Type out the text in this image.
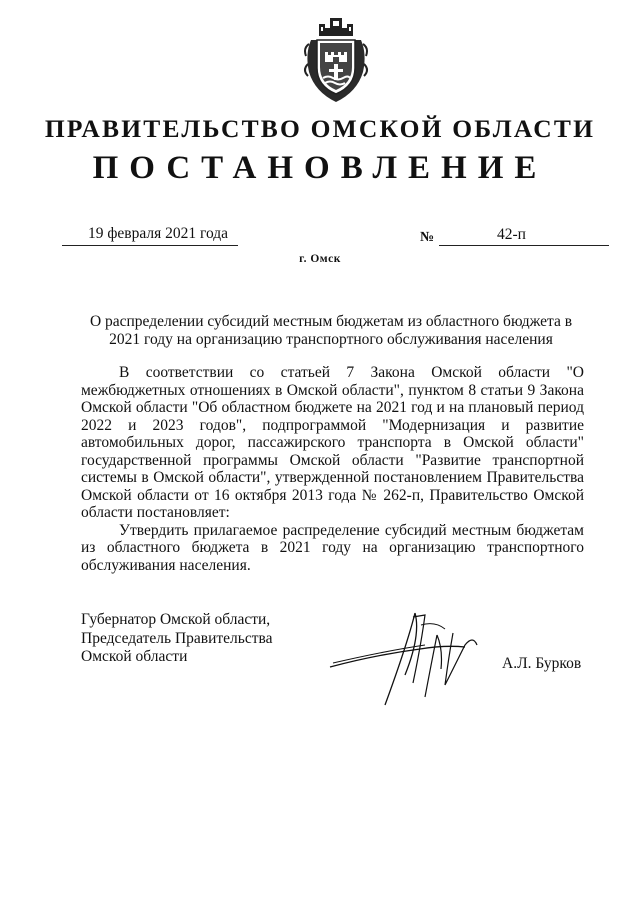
ПРАВИТЕЛЬСТВО ОМСКОЙ ОБЛАСТИ
ПОСТАНОВЛЕНИЕ
19 февраля 2021 года	№	42-п
г. Омск
О распределении субсидий местным бюджетам из областного бюджета в 2021 году на организацию транспортного обслуживания населения

В соответствии со статьей 7 Закона Омской области "О межбюджетных отношениях в Омской области", пунктом 8 статьи 9 Закона Омской области "Об областном бюджете на 2021 год и на плановый период 2022 и 2023 годов", подпрограммой "Модернизация и развитие автомобильных дорог, пассажирского транспорта в Омской области" государственной программы Омской области "Развитие транспортной системы в Омской области", утвержденной постановлением Правительства Омской области от 16 октября 2013 года № 262-п, Правительство Омской области постановляет:

Утвердить прилагаемое распределение субсидий местным бюджетам из областного бюджета в 2021 году на организацию транспортного обслуживания населения.

Губернатор Омской области,
Председатель Правительства
Омской области	А.Л. Бурков
